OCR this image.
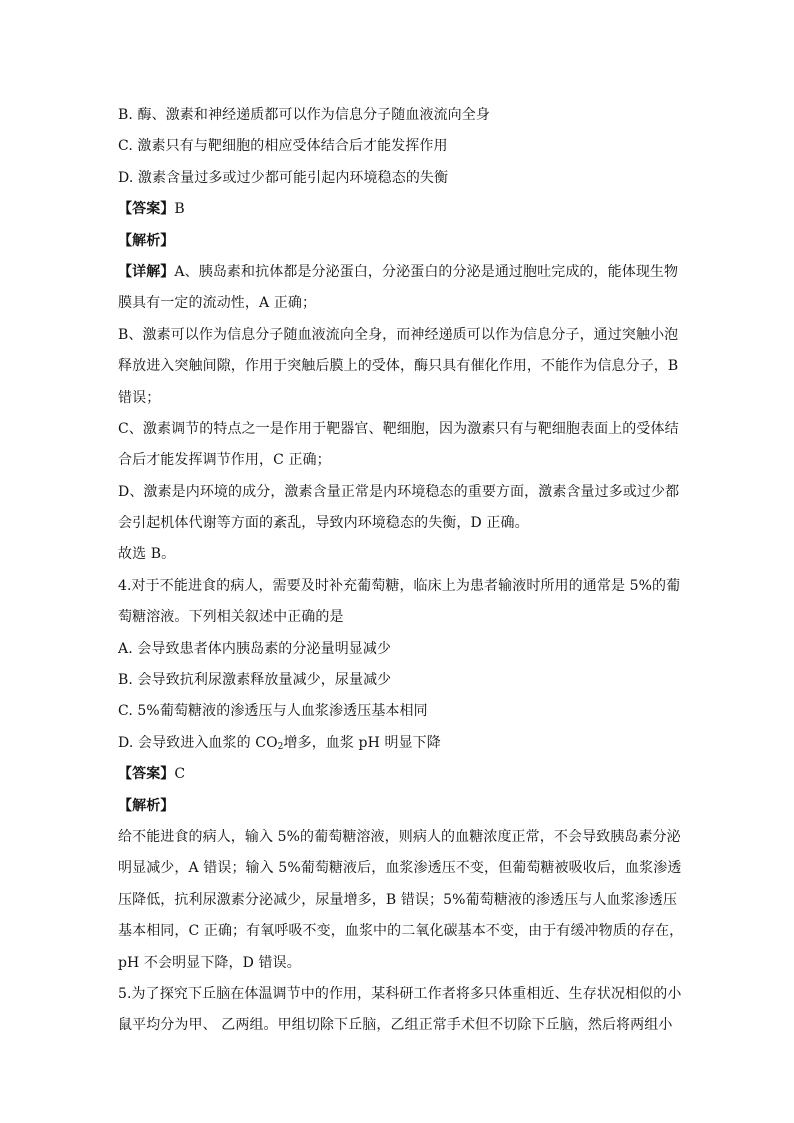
B. 酶、激素和神经递质都可以作为信息分子随血液流向全身
C. 激素只有与靶细胞的相应受体结合后才能发挥作用
D. 激素含量过多或过少都可能引起内环境稳态的失衡
【答案】B
【解析】
【详解】A、胰岛素和抗体都是分泌蛋白，分泌蛋白的分泌是通过胞吐完成的，能体现生物
膜具有一定的流动性，A 正确；
B、激素可以作为信息分子随血液流向全身，而神经递质可以作为信息分子，通过突触小泡
释放进入突触间隙，作用于突触后膜上的受体，酶只具有催化作用，不能作为信息分子，B
错误；
C、激素调节的特点之一是作用于靶器官、靶细胞，因为激素只有与靶细胞表面上的受体结
合后才能发挥调节作用，C 正确；
D、激素是内环境的成分，激素含量正常是内环境稳态的重要方面，激素含量过多或过少都
会引起机体代谢等方面的紊乱，导致内环境稳态的失衡，D 正确。
故选 B。
4.对于不能进食的病人，需要及时补充葡萄糖，临床上为患者输液时所用的通常是 5%的葡
萄糖溶液。下列相关叙述中正确的是
A. 会导致患者体内胰岛素的分泌量明显减少
B. 会导致抗利尿激素释放量减少，尿量减少
C. 5%葡萄糖液的渗透压与人血浆渗透压基本相同
D. 会导致进入血浆的 $CO_2$增多，血浆 pH 明显下降
【答案】C
【解析】
给不能进食的病人，输入 5%的葡萄糖溶液，则病人的血糖浓度正常，不会导致胰岛素分泌
明显减少，A 错误；输入 5%葡萄糖液后，血浆渗透压不变，但葡萄糖被吸收后，血浆渗透
压降低，抗利尿激素分泌减少，尿量增多，B 错误；5%葡萄糖液的渗透压与人血浆渗透压
基本相同，C 正确；有氧呼吸不变，血浆中的二氧化碳基本不变，由于有缓冲物质的存在，
pH 不会明显下降，D 错误。
5.为了探究下丘脑在体温调节中的作用，某科研工作者将多只体重相近、生存状况相似的小
鼠平均分为甲、 乙两组。甲组切除下丘脑，乙组正常手术但不切除下丘脑，然后将两组小
